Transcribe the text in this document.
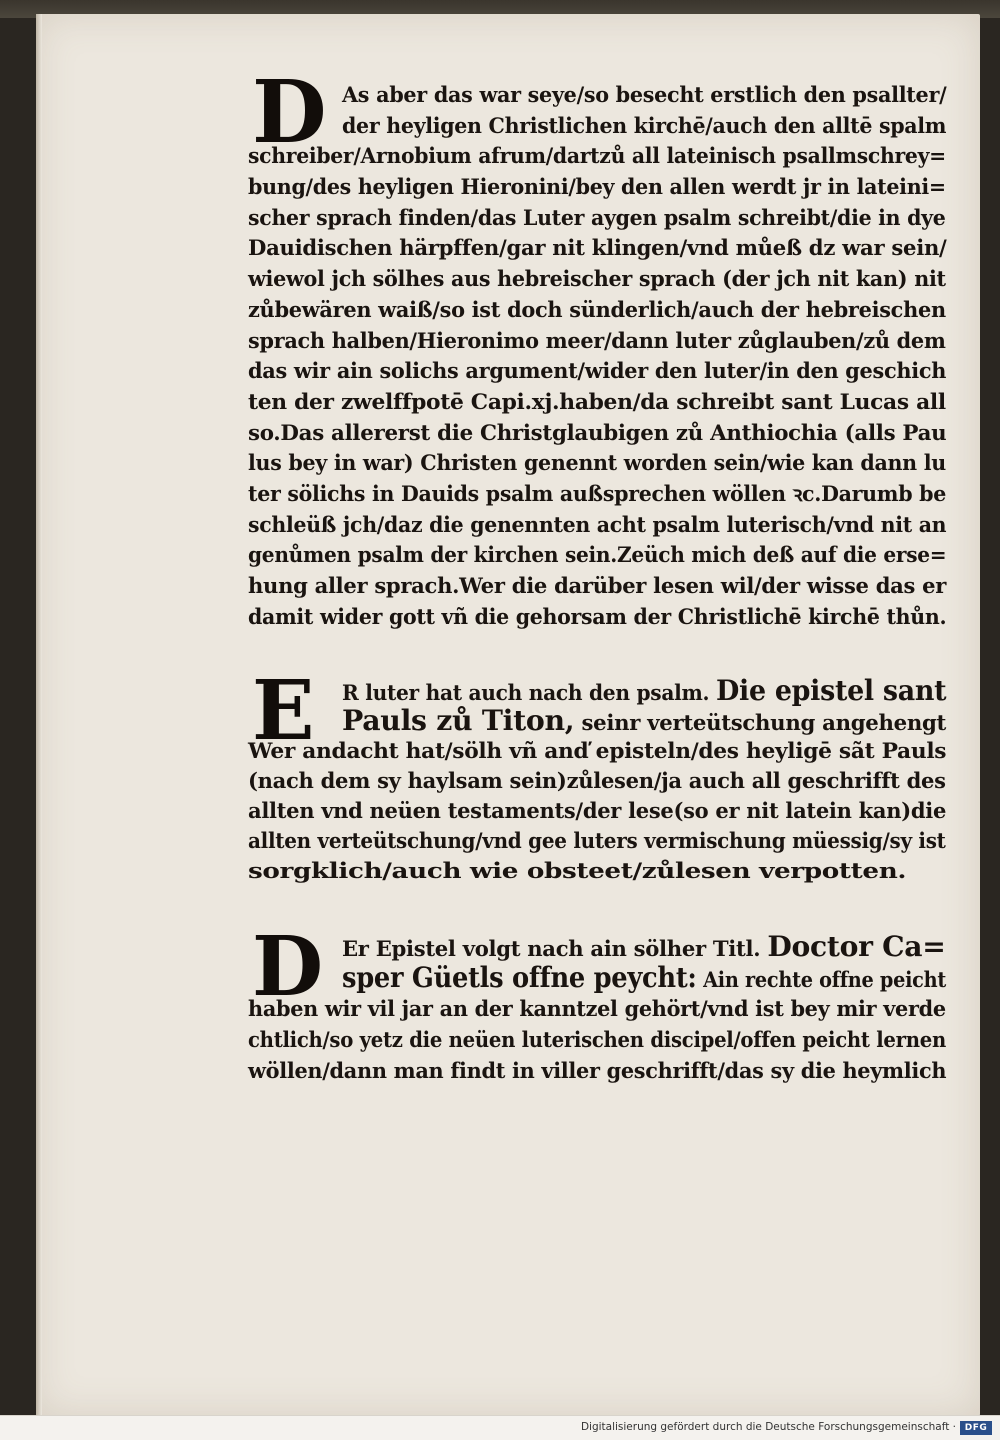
D As aber das war seye/so besecht erstlich den psallter/
der heyligen Christlichen kirchē/auch den alltē spalm
schreiber/Arnobium afrum/dartzů all lateinisch psallmschrey=
bung/des heyligen Hieronini/bey den allen werdt jr in lateini=
scher sprach finden/das Luter aygen psalm schreibt/die in dye
Dauidischen härpffen/gar nit klingen/vnd můeß dz war sein/
wiewol jch sölhes aus hebreischer sprach (der jch nit kan) nit
zůbewären waiß/so ist doch sünderlich/auch der hebreischen
sprach halben/Hieronimo meer/dann luter zůglauben/zů dem
das wir ain solichs argument/wider den luter/in den geschich
ten der zwelffpotē Capi.xj.haben/da schreibt sant Lucas all
so.Das allererst die Christglaubigen zů Anthiochia (alls Pau
lus bey in war) Christen genennt worden sein/wie kan dann lu
ter sölichs in Dauids psalm außsprechen wöllen ꝛc.Darumb be
schleüß jch/daz die genennten acht psalm luterisch/vnd nit an
genůmen psalm der kirchen sein.Zeüch mich deß auf die erse=
hung aller sprach.Wer die darüber lesen wil/der wisse das er
damit wider gott vñ die gehorsam der Christlichē kirchē thůn.
E	R luter hat auch nach den psalm. Die epistel sant
Pauls zů Titon, seinr verteütschung angehengt
Wer andacht hat/sölh vñ anď episteln/des heyligē sãt Pauls
(nach dem sy haylsam sein)zůlesen/ja auch all geschrifft des
allten vnd neüen testaments/der lese(so er nit latein kan)die
allten verteütschung/vnd gee luters vermischung müessig/sy ist
sorgklich/auch wie obsteet/zůlesen verpotten.
D Er Epistel volgt nach ain sölher Titl. Doctor Ca=
sper Güetls offne peycht: Ain rechte offne peicht
haben wir vil jar an der kanntzel gehört/vnd ist bey mir verde
chtlich/so yetz die neüen luterischen discipel/offen peicht lernen
wöllen/dann man findt in viller geschrifft/das sy die heymlich
Digitalisierung gefördert durch die Deutsche Forschungsgemeinschaft · DFG
